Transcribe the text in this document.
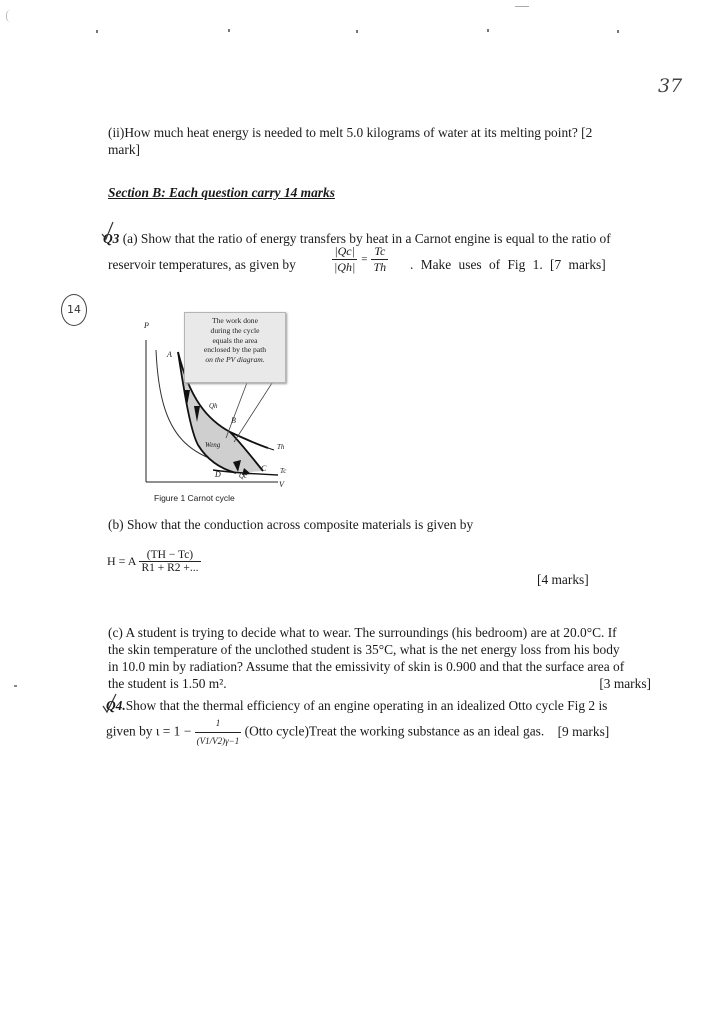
37
14
(ii)How much heat energy is needed to melt 5.0 kilograms of water at its melting point? [2
mark]
Section B: Each question carry 14 marks
Q3 (a) Show that the ratio of energy transfers by heat in a Carnot engine is equal to the ratio of
reservoir temperatures, as given by	$\frac{|Qc|}{|Qh|} = \frac{Tc}{Th}$ . Make uses of Fig 1. [7 marks]
The work done
during the cycle
equals the area
enclosed by the path
on the PV diagram.
P
V
A
B
C
D
Qh
Qc
Weng	Th
Tc
Figure 1 Carnot cycle
(b) Show that the conduction across composite materials is given by
H = A $\frac{(TH - Tc)}{R1 + R2 +...}$
[4 marks]
(c) A student is trying to decide what to wear. The surroundings (his bedroom) are at 20.0°C. If
the skin temperature of the unclothed student is 35°C, what is the net energy loss from his body
in 10.0 min by radiation? Assume that the emissivity of skin is 0.900 and that the surface area of
the student is 1.50 m².	[3 marks]
Q4.Show that the thermal efficiency of an engine operating in an idealized Otto cycle Fig 2 is
given by $\iota = 1 - \frac{1}{(V1/V2)\gamma-1}$ (Otto cycle)Treat the working substance as an ideal gas. [9 marks]
